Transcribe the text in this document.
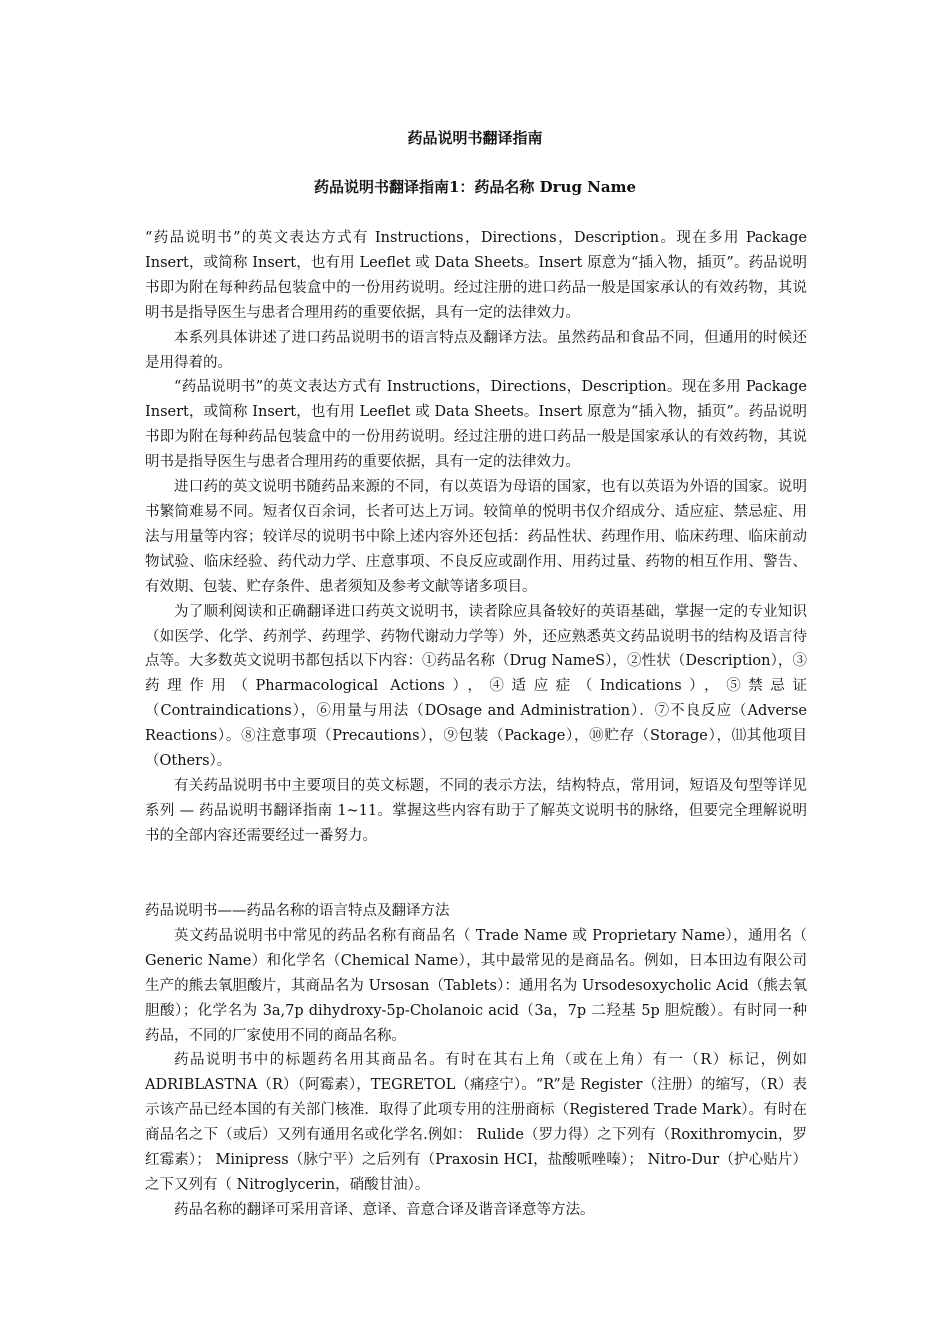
药品说明书翻译指南
药品说明书翻译指南1：药品名称 Drug Name

“药品说明书”的英文表达方式有 Instructions，Directions，Description。现在多用 Package Insert，或简称 Insert，也有用 Leeflet 或 Data Sheets。Insert 原意为“插入物，插页”。药品说明书即为附在每种药品包装盒中的一份用药说明。经过注册的进口药品一般是国家承认的有效药物，其说明书是指导医生与患者合理用药的重要依据，具有一定的法律效力。

本系列具体讲述了进口药品说明书的语言特点及翻译方法。虽然药品和食品不同，但通用的时候还是用得着的。

“药品说明书”的英文表达方式有 Instructions，Directions，Description。现在多用 Package Insert，或简称 Insert，也有用 Leeflet 或 Data Sheets。Insert 原意为“插入物，插页”。药品说明书即为附在每种药品包装盒中的一份用药说明。经过注册的进口药品一般是国家承认的有效药物，其说明书是指导医生与患者合理用药的重要依据，具有一定的法律效力。

进口药的英文说明书随药品来源的不同，有以英语为母语的国家，也有以英语为外语的国家。说明书繁简难易不同。短者仅百余词，长者可达上万词。较简单的悦明书仅介绍成分、适应症、禁忌症、用法与用量等内容；较详尽的说明书中除上述内容外还包括：药品性状、药理作用、临床药理、临床前动物试验、临床经验、药代动力学、庄意事项、不良反应或副作用、用药过量、药物的相互作用、警告、有效期、包装、贮存条件、患者须知及参考文献等诸多项目。

为了顺利阅读和正确翻译进口药英文说明书，读者除应具备较好的英语基础，掌握一定的专业知识（如医学、化学、药剂学、药理学、药物代谢动力学等）外，还应熟悉英文药品说明书的结构及语言待点等。大多数英文说明书都包括以下内容：①药品名称（Drug NameS），②性状（Description），③药理作用（Pharmacological Actions），④适应症（Indications），⑤禁忌证（Contraindications），⑥用量与用法（DOsage and Administration）．⑦不良反应（Adverse Reactions）。⑧注意事项（Precautions），⑨包装（Package），⑩贮存（Storage），⑾其他项目（Others）。

有关药品说明书中主要项目的英文标题，不同的表示方法，结构特点，常用词，短语及句型等详见系列 — 药品说明书翻译指南 1~11。掌握这些内容有助于了解英文说明书的脉络，但要完全理解说明书的全部内容还需要经过一番努力。

药品说明书——药品名称的语言特点及翻译方法

英文药品说明书中常见的药品名称有商品名（ Trade Name 或 Proprietary Name），通用名（ Generic Name）和化学名（Chemical Name），其中最常见的是商品名。例如，日本田边有限公司生产的熊去氧胆酸片，其商品名为 Ursosan（Tablets）：通用名为 Ursodesoxycholic Acid（熊去氧胆酸）；化学名为 3a,7p dihydroxy-5p-Cholanoic acid（3a，7p 二羟基 5p 胆烷酸）。有时同一种药品，不同的厂家使用不同的商品名称。

药品说明书中的标题药名用其商品名。有时在其右上角（或在上角）有一（R）标记，例如 ADRIBLASTNA（R）（阿霉素），TEGRETOL（痛痉宁）。“R”是 Register（注册）的缩写，（R）表示该产品已经本国的有关部门核准．取得了此项专用的注册商标（Registered Trade Mark）。有时在商品名之下（或后）又列有通用名或化学名.例如： Rulide（罗力得）之下列有（Roxithromycin，罗红霉素）； Minipress（脉宁平）之后列有（Praxosin HCI，盐酸哌唑嗪）； Nitro-Dur（护心贴片）之下又列有（ Nitroglycerin，硝酸甘油）。

药品名称的翻译可采用音译、意译、音意合译及谐音译意等方法。
